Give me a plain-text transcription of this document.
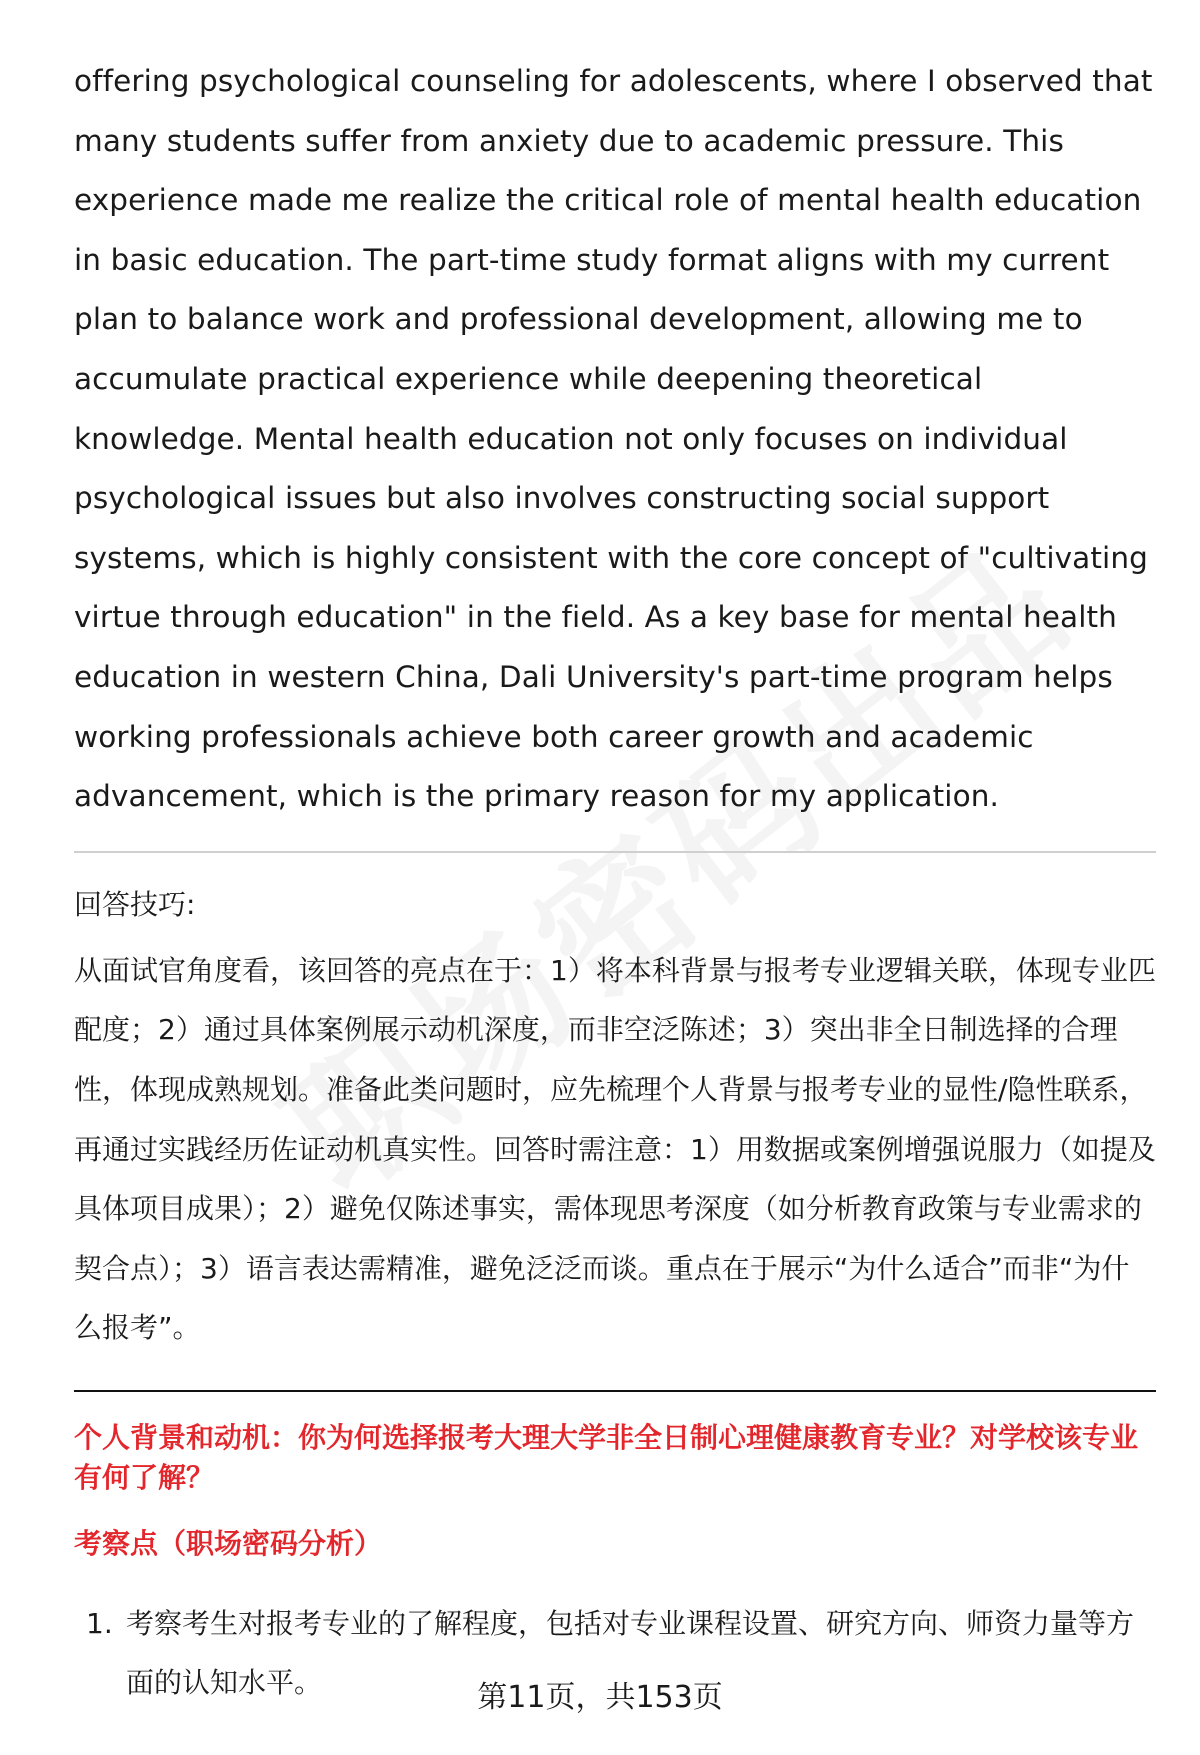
offering psychological counseling for adolescents, where I observed that many students suffer from anxiety due to academic pressure. This experience made me realize the critical role of mental health education in basic education. The part-time study format aligns with my current plan to balance work and professional development, allowing me to accumulate practical experience while deepening theoretical knowledge. Mental health education not only focuses on individual psychological issues but also involves constructing social support systems, which is highly consistent with the core concept of "cultivating virtue through education" in the field. As a key base for mental health education in western China, Dali University's part-time program helps working professionals achieve both career growth and academic advancement, which is the primary reason for my application.

回答技巧:

从面试官角度看，该回答的亮点在于：1）将本科背景与报考专业逻辑关联，体现专业匹配度；2）通过具体案例展示动机深度，而非空泛陈述；3）突出非全日制选择的合理性，体现成熟规划。准备此类问题时，应先梳理个人背景与报考专业的显性/隐性联系，再通过实践经历佐证动机真实性。回答时需注意：1）用数据或案例增强说服力（如提及具体项目成果）；2）避免仅陈述事实，需体现思考深度（如分析教育政策与专业需求的契合点）；3）语言表达需精准，避免泛泛而谈。重点在于展示“为什么适合”而非“为什么报考”。

个人背景和动机：你为何选择报考大理大学非全日制心理健康教育专业？对学校该专业有何了解？

考察点（职场密码分析）
1. 考察考生对报考专业的了解程度，包括对专业课程设置、研究方向、师资力量等方面的认知水平。	第11页，共153页
